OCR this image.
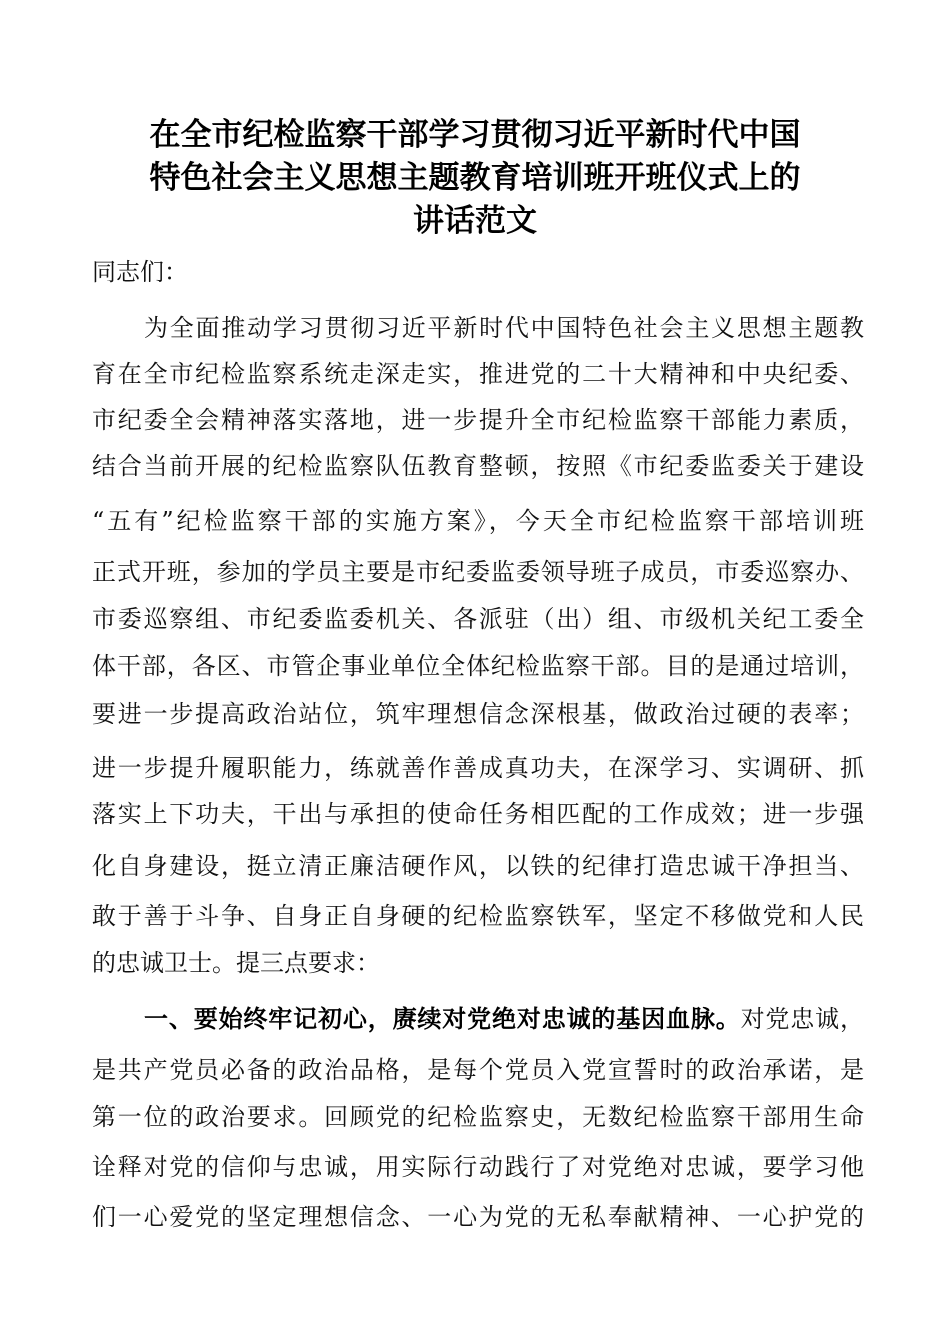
在全市纪检监察干部学习贯彻习近平新时代中国
特色社会主义思想主题教育培训班开班仪式上的
讲话范文
同志们：
为全面推动学习贯彻习近平新时代中国特色社会主义思想主题教
育在全市纪检监察系统走深走实，推进党的二十大精神和中央纪委、
市纪委全会精神落实落地，进一步提升全市纪检监察干部能力素质，
结合当前开展的纪检监察队伍教育整顿，按照《市纪委监委关于建设
“五有”纪检监察干部的实施方案》，今天全市纪检监察干部培训班
正式开班，参加的学员主要是市纪委监委领导班子成员，市委巡察办、
市委巡察组、市纪委监委机关、各派驻（出）组、市级机关纪工委全
体干部，各区、市管企事业单位全体纪检监察干部。目的是通过培训，
要进一步提高政治站位，筑牢理想信念深根基，做政治过硬的表率；
进一步提升履职能力，练就善作善成真功夫，在深学习、实调研、抓
落实上下功夫，干出与承担的使命任务相匹配的工作成效；进一步强
化自身建设，挺立清正廉洁硬作风，以铁的纪律打造忠诚干净担当、
敢于善于斗争、自身正自身硬的纪检监察铁军，坚定不移做党和人民
的忠诚卫士。提三点要求：
一、要始终牢记初心，赓续对党绝对忠诚的基因血脉。对党忠诚，
是共产党员必备的政治品格，是每个党员入党宣誓时的政治承诺，是
第一位的政治要求。回顾党的纪检监察史，无数纪检监察干部用生命
诠释对党的信仰与忠诚，用实际行动践行了对党绝对忠诚，要学习他
们一心爱党的坚定理想信念、一心为党的无私奉献精神、一心护党的
